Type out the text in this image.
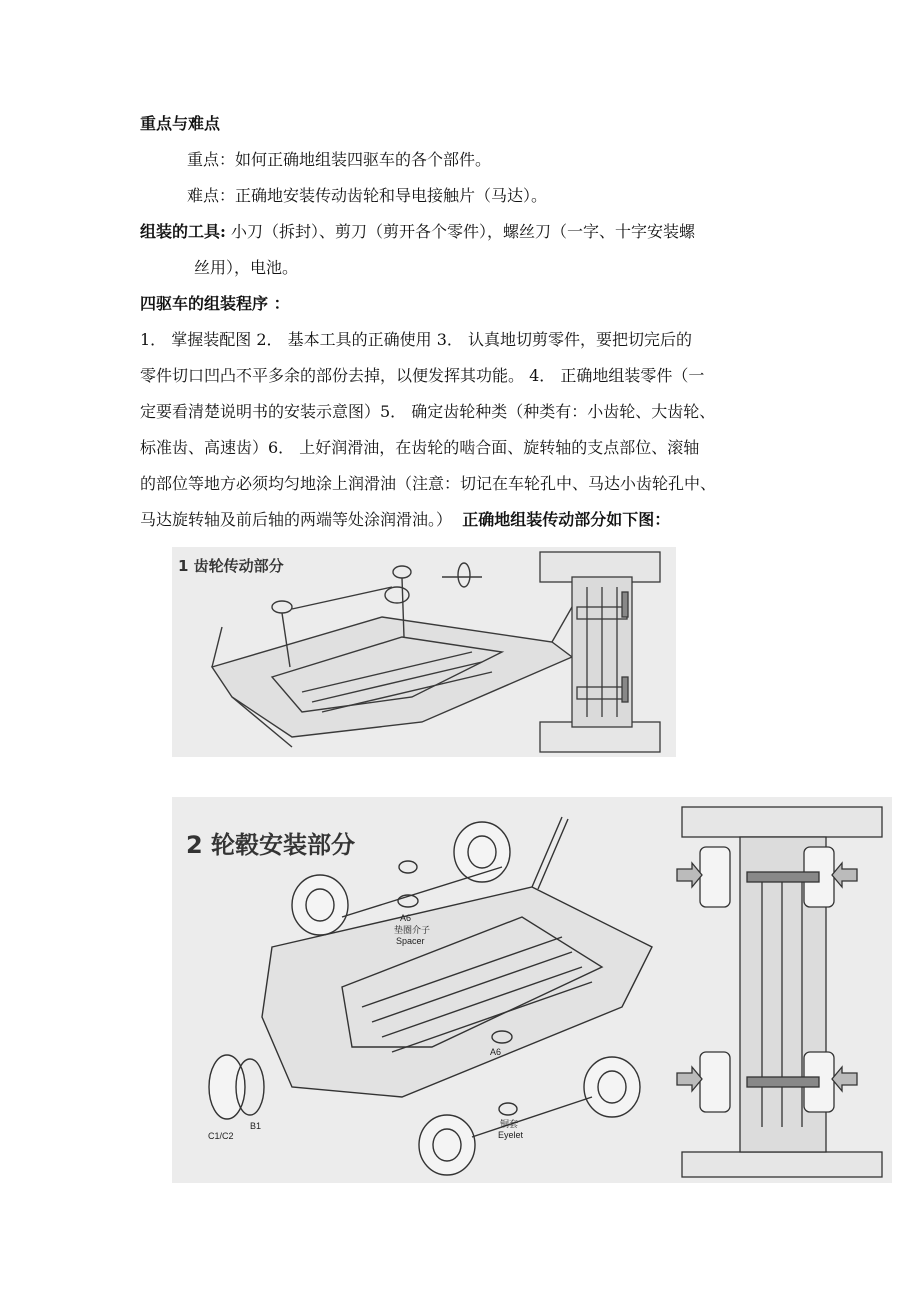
重点与难点
重点：如何正确地组装四驱车的各个部件。
难点：正确地安装传动齿轮和导电接触片（马达）。
组装的工具: 小刀（拆封）、剪刀（剪开各个零件），螺丝刀（一字、十字安装螺
丝用），电池。
四驱车的组装程序 ：
1． 掌握装配图 2． 基本工具的正确使用 3． 认真地切剪零件，要把切完后的
零件切口凹凸不平多余的部份去掉，以便发挥其功能。 4． 正确地组装零件（一
定要看清楚说明书的安装示意图）5． 确定齿轮种类（种类有：小齿轮、大齿轮、
标准齿、高速齿）6． 上好润滑油，在齿轮的啮合面、旋转轴的支点部位、滚轴
的部位等地方必须均匀地涂上润滑油（注意：切记在车轮孔中、马达小齿轮孔中、
马达旋转轴及前后轴的两端等处涂润滑油。） 正确地组装传动部分如下图：
1 齿轮传动部分
2 轮毂安装部分
A6
垫圈介子
Spacer
A6
铜套
Eyelet
B1
C1/C2
